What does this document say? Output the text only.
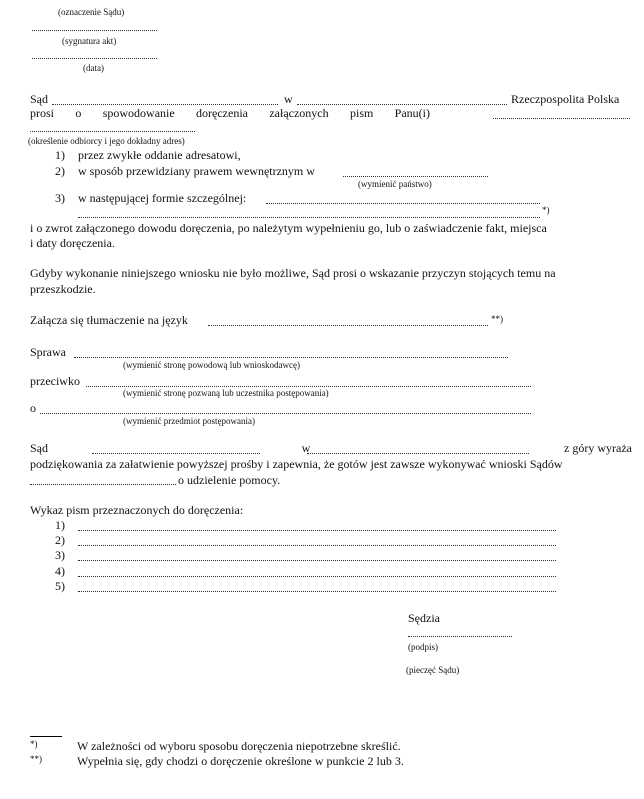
(oznaczenie Sądu)
(sygnatura akt)
(data)
Sąd	w	Rzeczpospolita Polska
prosi o spowodowanie doręczenia załączonych pism Panu(i)
(określenie odbiorcy i jego dokładny adres)
1) przez zwykłe oddanie adresatowi,
2) w sposób przewidziany prawem wewnętrznym w
(wymienić państwo)
3) w następującej formie szczególnej:
*)
i o zwrot załączonego dowodu doręczenia, po należytym wypełnieniu go, lub o zaświadczenie fakt, miejsca
i daty doręczenia.
Gdyby wykonanie niniejszego wniosku nie było możliwe, Sąd prosi o wskazanie przyczyn stojących temu na
przeszkodzie.
Załącza się tłumaczenie na język	**)
Sprawa
(wymienić stronę powodową lub wnioskodawcę)
przeciwko
(wymienić stronę pozwaną lub uczestnika postępowania)
o
(wymienić przedmiot postępowania)
Sąd	w	z góry wyraża
podziękowania za załatwienie powyższej prośby i zapewnia, że gotów jest zawsze wykonywać wnioski Sądów
o udzielenie pomocy.
Wykaz pism przeznaczonych do doręczenia:
1)
2)
3)
4)
5)
Sędzia
(podpis)
(pieczęć Sądu)
*)	W zależności od wyboru sposobu doręczenia niepotrzebne skreślić.
**)	Wypełnia się, gdy chodzi o doręczenie określone w punkcie 2 lub 3.
